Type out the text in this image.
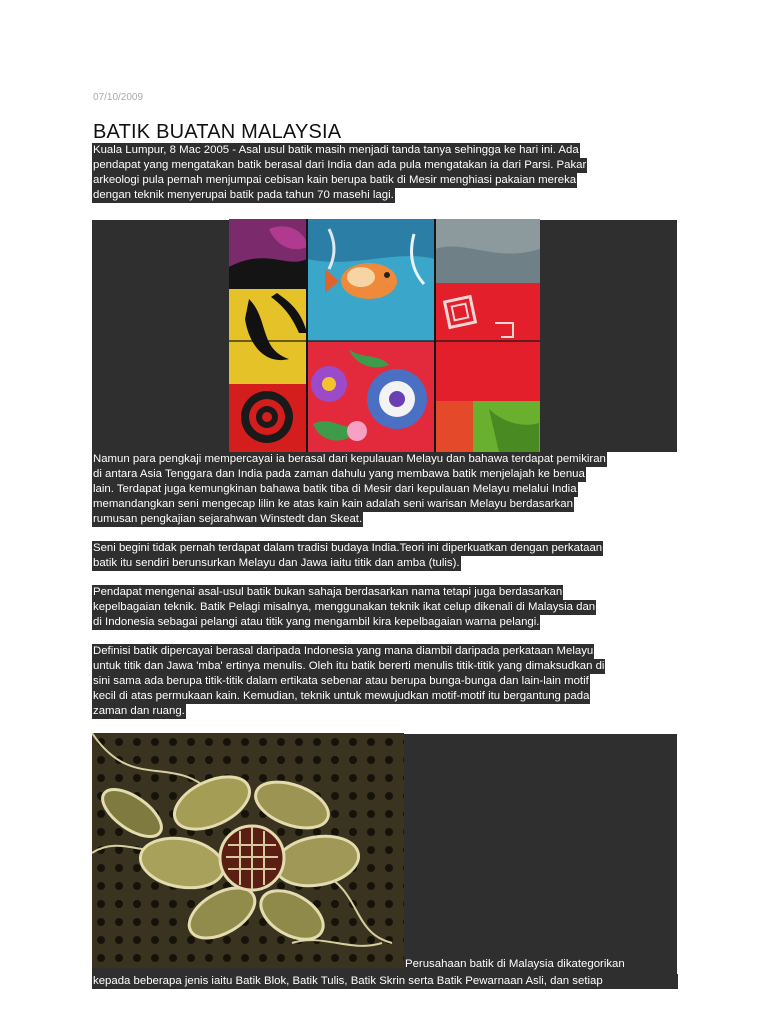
07/10/2009
BATIK BUATAN MALAYSIA
Kuala Lumpur, 8 Mac 2005 - Asal usul batik masih menjadi tanda tanya sehingga ke hari ini. Ada
pendapat yang mengatakan batik berasal dari India dan ada pula mengatakan ia dari Parsi. Pakar
arkeologi pula pernah menjumpai cebisan kain berupa batik di Mesir menghiasi pakaian mereka
dengan teknik menyerupai batik pada tahun 70 masehi lagi.
Namun para pengkaji mempercayai ia berasal dari kepulauan Melayu dan bahawa terdapat pemikiran
di antara Asia Tenggara dan India pada zaman dahulu yang membawa batik menjelajah ke benua
lain. Terdapat juga kemungkinan bahawa batik tiba di Mesir dari kepulauan Melayu melalui India
memandangkan seni mengecap lilin ke atas kain kain adalah seni warisan Melayu berdasarkan
rumusan pengkajian sejarahwan Winstedt dan Skeat.
Seni begini tidak pernah terdapat dalam tradisi budaya India.Teori ini diperkuatkan dengan perkataan
batik itu sendiri berunsurkan Melayu dan Jawa iaitu titik dan amba (tulis).
Pendapat mengenai asal-usul batik bukan sahaja berdasarkan nama tetapi juga berdasarkan
kepelbagaian teknik. Batik Pelagi misalnya, menggunakan teknik ikat celup dikenali di Malaysia dan
di Indonesia sebagai pelangi atau titik yang mengambil kira kepelbagaian warna pelangi.
Definisi batik dipercayai berasal daripada Indonesia yang mana diambil daripada perkataan Melayu
untuk titik dan Jawa 'mba' ertinya menulis. Oleh itu batik bererti menulis titik-titik yang dimaksudkan di
sini sama ada berupa titik-titik dalam ertikata sebenar atau berupa bunga-bunga dan lain-lain motif
kecil di atas permukaan kain. Kemudian, teknik untuk mewujudkan motif-motif itu bergantung pada
zaman dan ruang.
Perusahaan batik di Malaysia dikategorikan
kepada beberapa jenis iaitu Batik Blok, Batik Tulis, Batik Skrin serta Batik Pewarnaan Asli, dan setiap
